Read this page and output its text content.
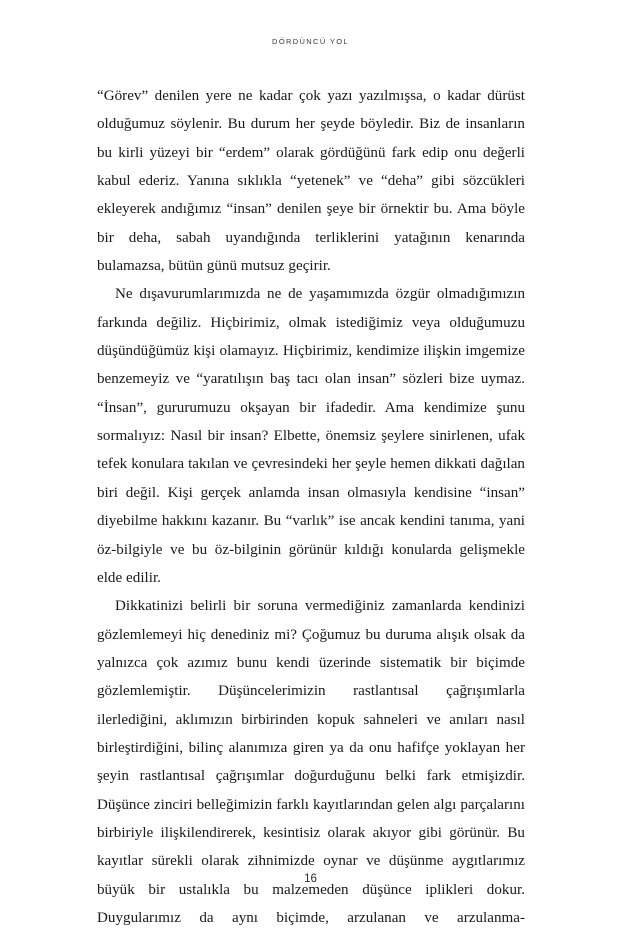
DÖRDÜNCÜ YOL

“Görev” denilen yere ne kadar çok yazı yazılmışsa, o kadar dürüst olduğumuz söylenir. Bu durum her şeyde böyledir. Biz de insanların bu kirli yüzeyi bir “erdem” olarak gördüğünü fark edip onu değerli kabul ederiz. Yanına sıklıkla “yetenek” ve “deha” gibi sözcükleri ekleyerek andığımız “insan” denilen şeye bir örnektir bu. Ama böyle bir deha, sabah uyandığında terliklerini yatağının kenarında bulamazsa, bütün günü mutsuz geçirir.

Ne dışavurumlarımızda ne de yaşamımızda özgür olmadığımızın farkında değiliz. Hiçbirimiz, olmak istediğimiz veya olduğumuzu düşündüğümüz kişi olamayız. Hiçbirimiz, kendimize ilişkin imgemize benzemeyiz ve “yaratılışın baş tacı olan insan” sözleri bize uymaz. “İnsan”, gururumuzu okşayan bir ifadedir. Ama kendimize şunu sormalıyız: Nasıl bir insan? Elbette, önemsiz şeylere sinirlenen, ufak tefek konulara takılan ve çevresindeki her şeyle hemen dikkati dağılan biri değil. Kişi gerçek anlamda insan olmasıyla kendisine “insan” diyebilme hakkını kazanır. Bu “varlık” ise ancak kendini tanıma, yani öz-bilgiyle ve bu öz-bilginin görünür kıldığı konularda gelişmekle elde edilir.

Dikkatinizi belirli bir soruna vermediğiniz zamanlarda kendinizi gözlemlemeyi hiç denediniz mi? Çoğumuz bu duruma alışık olsak da yalnızca çok azımız bunu kendi üzerinde sistematik bir biçimde gözlemlemiştir. Düşüncelerimizin rastlantısal çağrışımlarla ilerlediğini, aklımızın birbirinden kopuk sahneleri ve anıları nasıl birleştirdiğini, bilinç alanımıza giren ya da onu hafifçe yoklayan her şeyin rastlantısal çağrışımlar doğurduğunu belki fark etmişizdir. Düşünce zinciri belleğimizin farklı kayıtlarından gelen algı parçalarını birbiriyle ilişkilendirerek, kesintisiz olarak akıyor gibi görünür. Bu kayıtlar sürekli olarak zihnimizde oynar ve düşünme aygıtlarımız büyük bir ustalıkla bu malzemeden düşünce iplikleri dokur. Duygularımız da aynı biçimde, arzulanan ve arzulanma-

16
